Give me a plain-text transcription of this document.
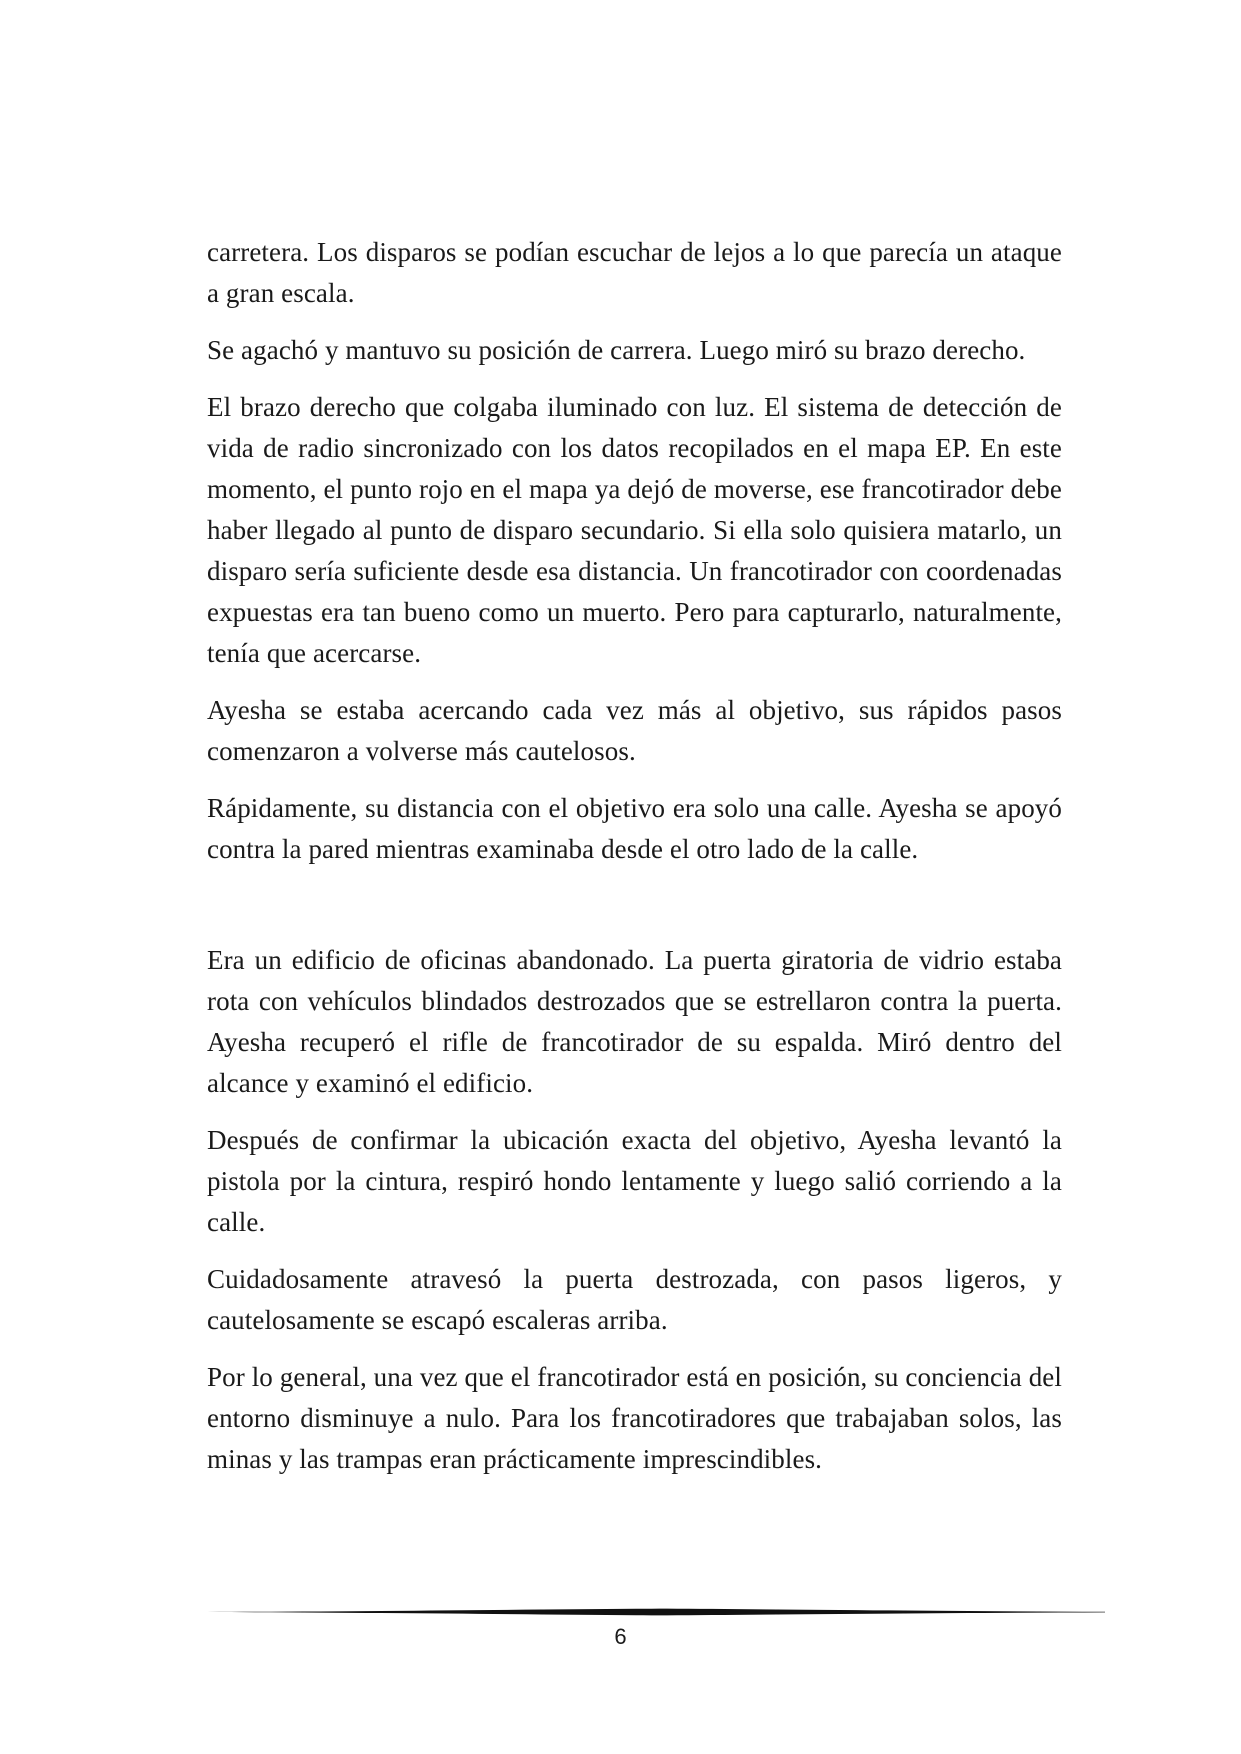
carretera. Los disparos se podían escuchar de lejos a lo que parecía un ataque a gran escala.

Se agachó y mantuvo su posición de carrera. Luego miró su brazo derecho.

El brazo derecho que colgaba iluminado con luz. El sistema de detección de vida de radio sincronizado con los datos recopilados en el mapa EP. En este momento, el punto rojo en el mapa ya dejó de moverse, ese francotirador debe haber llegado al punto de disparo secundario. Si ella solo quisiera matarlo, un disparo sería suficiente desde esa distancia. Un francotirador con coordenadas expuestas era tan bueno como un muerto. Pero para capturarlo, naturalmente, tenía que acercarse.

Ayesha se estaba acercando cada vez más al objetivo, sus rápidos pasos comenzaron a volverse más cautelosos.

Rápidamente, su distancia con el objetivo era solo una calle. Ayesha se apoyó contra la pared mientras examinaba desde el otro lado de la calle.

Era un edificio de oficinas abandonado. La puerta giratoria de vidrio estaba rota con vehículos blindados destrozados que se estrellaron contra la puerta. Ayesha recuperó el rifle de francotirador de su espalda. Miró dentro del alcance y examinó el edificio.

Después de confirmar la ubicación exacta del objetivo, Ayesha levantó la pistola por la cintura, respiró hondo lentamente y luego salió corriendo a la calle.

Cuidadosamente atravesó la puerta destrozada, con pasos ligeros, y cautelosamente se escapó escaleras arriba.

Por lo general, una vez que el francotirador está en posición, su conciencia del entorno disminuye a nulo. Para los francotiradores que trabajaban solos, las minas y las trampas eran prácticamente imprescindibles.

6
